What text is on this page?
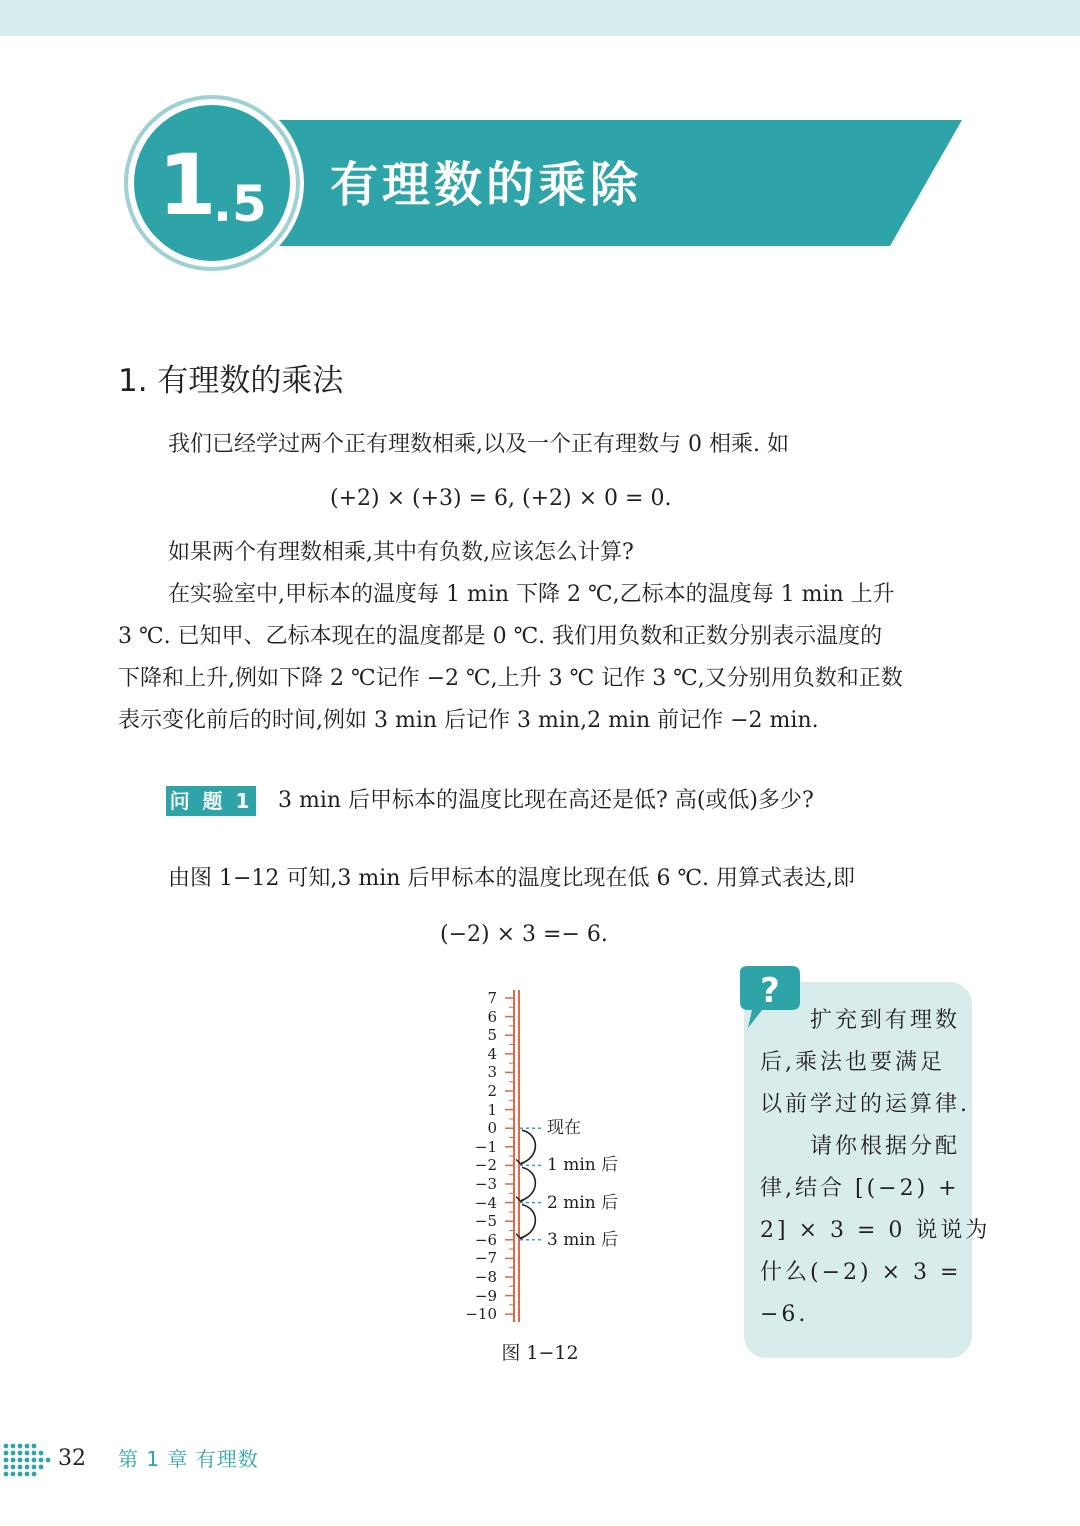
1
.5 有理数的乘除
1. 有理数的乘法
我们已经学过两个正有理数相乘,以及一个正有理数与 0 相乘. 如
(+2) × (+3) = 6, (+2) × 0 = 0.
如果两个有理数相乘,其中有负数,应该怎么计算?
在实验室中,甲标本的温度每 1 min 下降 2 ℃,乙标本的温度每 1 min 上升
3 ℃. 已知甲、乙标本现在的温度都是 0 ℃. 我们用负数和正数分别表示温度的
下降和上升,例如下降 2 ℃记作 −2 ℃,上升 3 ℃ 记作 3 ℃,又分别用负数和正数
表示变化前后的时间,例如 3 min 后记作 3 min,2 min 前记作 −2 min.
问 题 1 3 min 后甲标本的温度比现在高还是低? 高(或低)多少?
由图 1−12 可知,3 min 后甲标本的温度比现在低 6 ℃. 用算式表达,即
(−2) × 3 =− 6.
7
6
5
4
3
2
1
0
−1
−2
−3
−4
−5
−6
−7
−8
−9
−10
现在
1 min 后
2 min 后
3 min 后
图 1−12
?
扩充到有理数
后,乘法也要满足
以前学过的运算律.
请你根据分配
律,结合 [(−2) +
2] × 3 = 0 说说为
什么(−2) × 3 =
−6.
32 第 1 章 有理数
